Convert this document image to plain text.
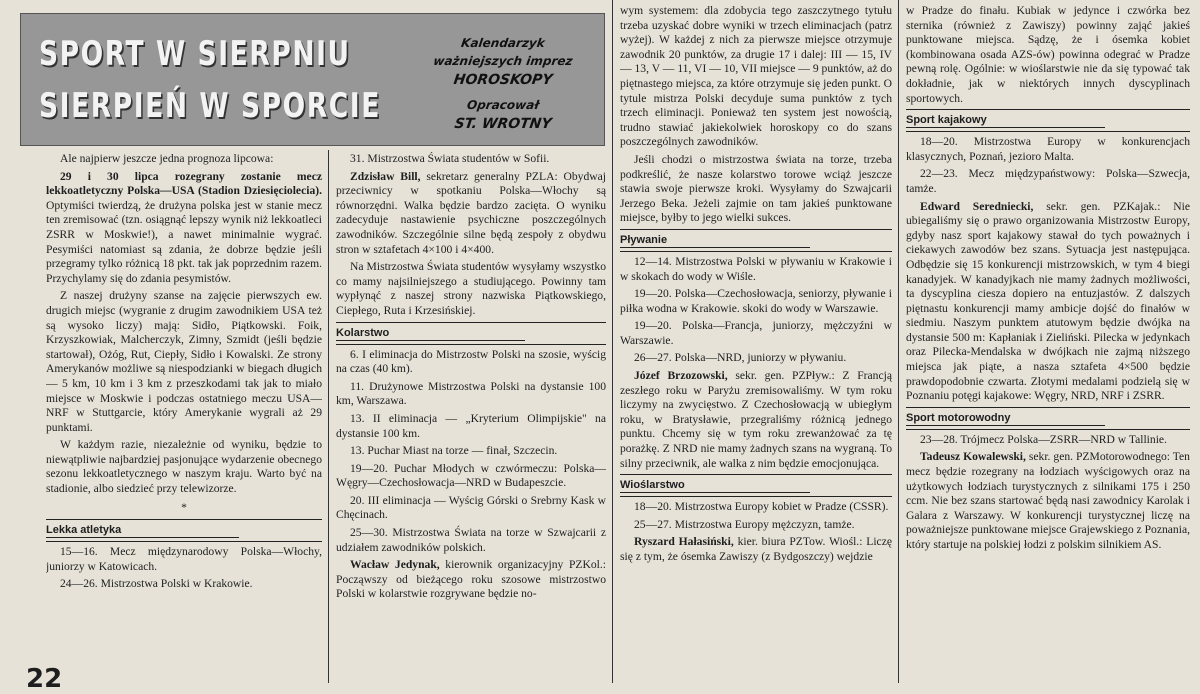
SPORT W SIERPNIU
SIERPIEŃ W SPORCIE
Kalendarzyk
ważniejszych imprez
HOROSKOPY
Opracował
ST. WROTNY

Ale najpierw jeszcze jedna prognoza lipcowa:

29 i 30 lipca rozegrany zostanie mecz lekkoatletyczny Polska—USA (Stadion Dziesięciolecia). Optymiści twierdzą, że drużyna polska jest w stanie mecz ten zremisować (tzn. osiągnąć lepszy wynik niż lekkoatleci ZSRR w Moskwie!), a nawet minimalnie wygrać. Pesymiści natomiast są zdania, że dobrze będzie jeśli przegramy tylko różnicą 18 pkt. tak jak poprzednim razem. Przychylamy się do zdania pesymistów.

Z naszej drużyny szanse na zajęcie pierwszych ew. drugich miejsc (wygranie z drugim zawodnikiem USA też są wysoko liczy) mają: Sidło, Piątkowski. Foik, Krzyszkowiak, Malcherczyk, Zimny, Szmidt (jeśli będzie startował), Ożóg, Rut, Ciepły, Sidło i Kowalski. Ze strony Amerykanów możliwe są niespodzianki w biegach długich — 5 km, 10 km i 3 km z przeszkodami tak jak to miało miejsce w Moskwie i podczas ostatniego meczu USA—NRF w Stuttgarcie, który Amerykanie wygrali aż 29 punktami.

W każdym razie, niezależnie od wyniku, będzie to niewątpliwie najbardziej pasjonujące wydarzenie obecnego sezonu lekkoatletycznego w naszym kraju. Warto być na stadionie, albo siedzieć przy telewizorze.

*
Lekka atletyka

15—16. Mecz międzynarodowy Polska—Włochy, juniorzy w Katowicach.

24—26. Mistrzostwa Polski w Krakowie.

22

31. Mistrzostwa Świata studentów w Sofii.

Zdzisław Bill, sekretarz generalny PZLA: Obydwaj przeciwnicy w spotkaniu Polska—Włochy są równorzędni. Walka będzie bardzo zacięta. O wyniku zadecyduje nastawienie psychiczne poszczególnych zawodników. Szczególnie silne będą zespoły z obydwu stron w sztafetach 4×100 i 4×400.

Na Mistrzostwa Świata studentów wysyłamy wszystko co mamy najsilniejszego a studiującego. Powinny tam wypłynąć z naszej strony nazwiska Piątkowskiego, Ciepłego, Ruta i Krzesińskiej.

Kolarstwo

6. I eliminacja do Mistrzostw Polski na szosie, wyścig na czas (40 km).

11. Drużynowe Mistrzostwa Polski na dystansie 100 km, Warszawa.

13. II eliminacja — „Kryterium Olimpijskie" na dystansie 100 km.

13. Puchar Miast na torze — finał, Szczecin.

19—20. Puchar Młodych w czwórmeczu: Polska—Węgry—Czechosłowacja—NRD w Budapeszcie.

20. III eliminacja — Wyścig Górski o Srebrny Kask w Chęcinach.

25—30. Mistrzostwa Świata na torze w Szwajcarii z udziałem zawodników polskich.

Wacław Jedynak, kierownik organizacyjny PZKol.: Począwszy od bieżącego roku szosowe mistrzostwo Polski w kolarstwie rozgrywane będzie no-

wym systemem: dla zdobycia tego zaszczytnego tytułu trzeba uzyskać dobre wyniki w trzech eliminacjach (patrz wyżej). W każdej z nich za pierwsze miejsce otrzymuje zawodnik 20 punktów, za drugie 17 i dalej: III — 15, IV — 13, V — 11, VI — 10, VII miejsce — 9 punktów, aż do piętnastego miejsca, za które otrzymuje się jeden punkt. O tytule mistrza Polski decyduje suma punktów z tych trzech eliminacji. Ponieważ ten system jest nowością, trudno stawiać jakiekolwiek horoskopy co do szans poszczególnych zawodników.

Jeśli chodzi o mistrzostwa świata na torze, trzeba podkreślić, że nasze kolarstwo torowe wciąż jeszcze stawia swoje pierwsze kroki. Wysyłamy do Szwajcarii Jerzego Beka. Jeżeli zajmie on tam jakieś punktowane miejsce, byłby to jego wielki sukces.

Pływanie

12—14. Mistrzostwa Polski w pływaniu w Krakowie i w skokach do wody w Wiśle.

19—20. Polska—Czechosłowacja, seniorzy, pływanie i piłka wodna w Krakowie. skoki do wody w Warszawie.

19—20. Polska—Francja, juniorzy, mężczyźni w Warszawie.

26—27. Polska—NRD, juniorzy w pływaniu.

Józef Brzozowski, sekr. gen. PZPływ.: Z Francją zeszłego roku w Paryżu zremisowaliśmy. W tym roku liczymy na zwycięstwo. Z Czechosłowacją w ubiegłym roku, w Bratysławie, przegraliśmy różnicą jednego punktu. Chcemy się w tym roku zrewanżować za tę porażkę. Z NRD nie mamy żadnych szans na wygraną. To silny przeciwnik, ale walka z nim będzie emocjonująca.

Wioślarstwo

18—20. Mistrzostwa Europy kobiet w Pradze (CSSR).

25—27. Mistrzostwa Europy mężczyzn, tamże.

Ryszard Hałasiński, kier. biura PZTow. Wiośl.: Liczę się z tym, że ósemka Zawiszy (z Bydgoszczy) wejdzie

w Pradze do finału. Kubiak w jedynce i czwórka bez sternika (również z Zawiszy) powinny zająć jakieś punktowane miejsca. Sądzę, że i ósemka kobiet (kombinowana osada AZS-ów) powinna odegrać w Pradze pewną rolę. Ogólnie: w wioślarstwie nie da się typować tak dokładnie, jak w niektórych innych dyscyplinach sportowych.

Sport kajakowy

18—20. Mistrzostwa Europy w konkurencjach klasycznych, Poznań, jezioro Malta.

22—23. Mecz międzypaństwowy: Polska—Szwecja, tamże.

Edward Seredniecki, sekr. gen. PZKajak.: Nie ubiegaliśmy się o prawo organizowania Mistrzostw Europy, gdyby nasz sport kajakowy stawał do tych poważnych i ciekawych zawodów bez szans. Sytuacja jest następująca. Odbędzie się 15 konkurencji mistrzowskich, w tym 4 biegi kanadyjek. W kanadyjkach nie mamy żadnych możliwości, ta dyscyplina ciesza dopiero na entuzjastów. Z dalszych piętnastu konkurencji mamy ambicje dojść do finałów w siedmiu. Naszym punktem atutowym będzie dwójka na dystansie 500 m: Kapłaniak i Zieliński. Pilecka w jedynkach oraz Pilecka-Mendalska w dwójkach nie zajmą niższego miejsca jak piąte, a nasza sztafeta 4×500 będzie prawdopodobnie czwarta. Złotymi medalami podzielą się w Poznaniu potęgi kajakowe: Węgry, NRD, NRF i ZSRR.

Sport motorowodny

23—28. Trójmecz Polska—ZSRR—NRD w Tallinie.

Tadeusz Kowalewski, sekr. gen. PZMotorowodnego: Ten mecz będzie rozegrany na łodziach wyścigowych oraz na użytkowych łodziach turystycznych z silnikami 175 i 250 ccm. Nie bez szans startować będą nasi zawodnicy Karolak i Galara z Warszawy. W konkurencji turystycznej liczę na poważniejsze punktowane miejsce Grajewskiego z Poznania, który startuje na polskiej łodzi z polskim silnikiem AS.
